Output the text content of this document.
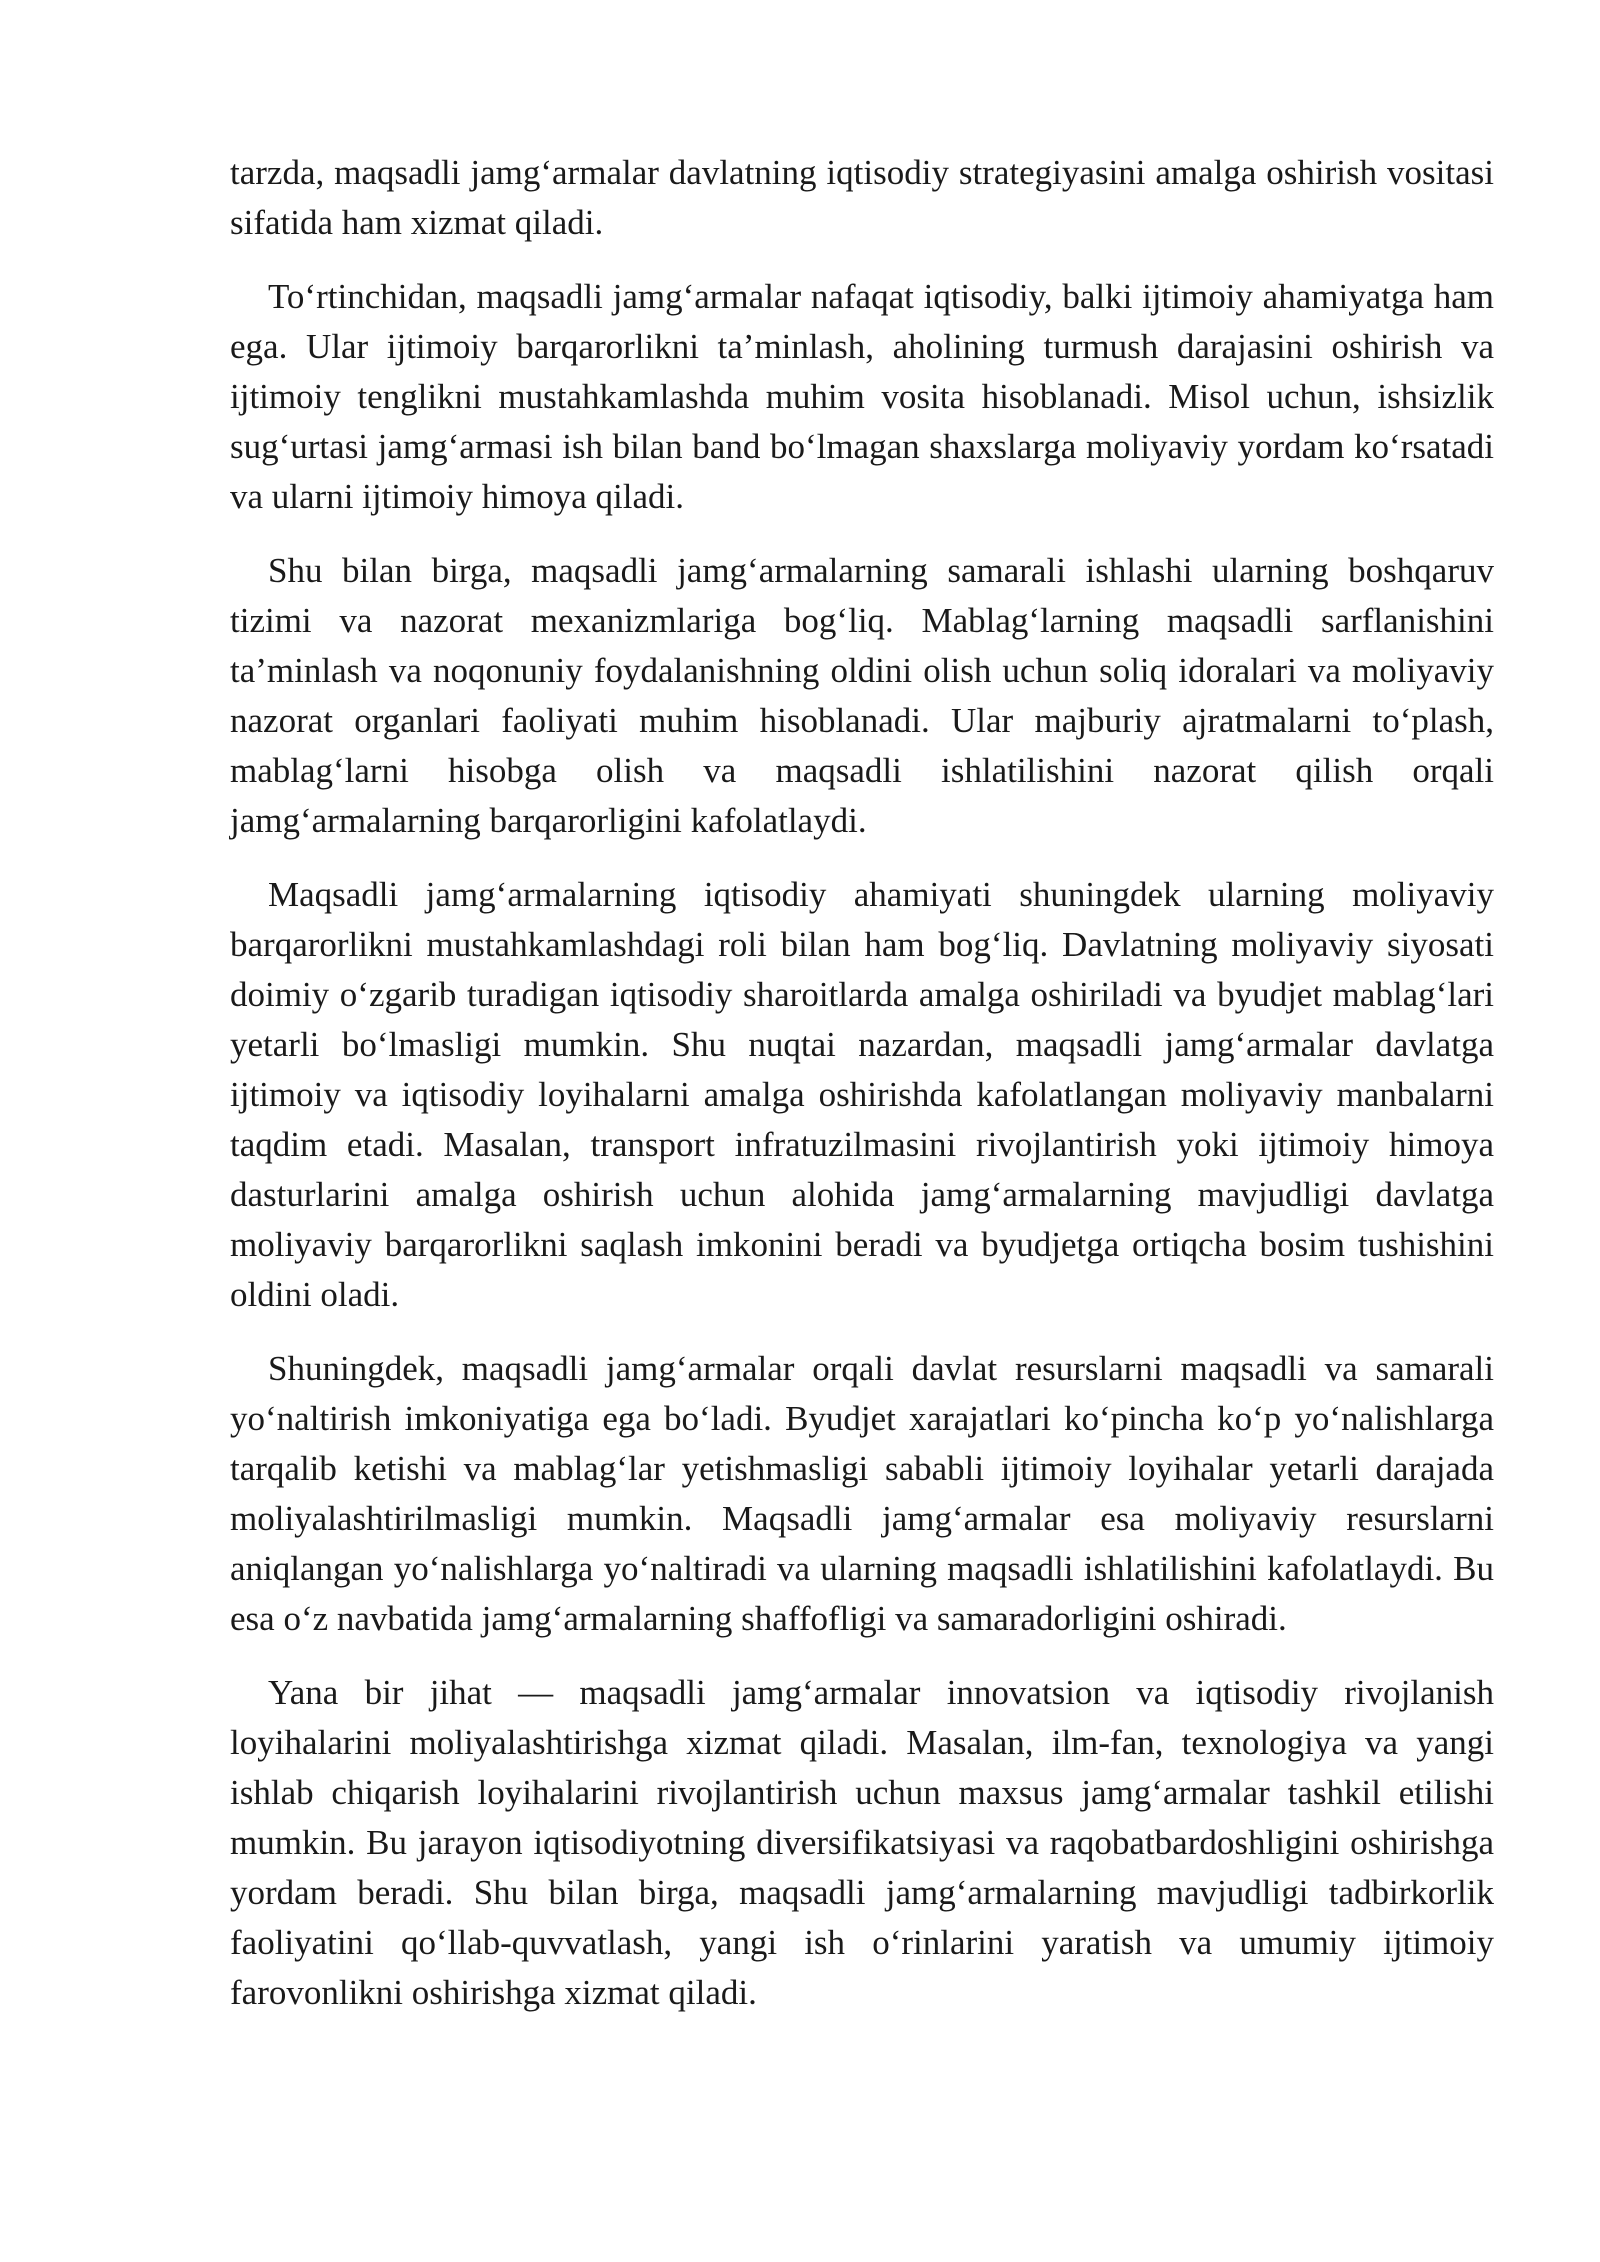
tarzda, maqsadli jamg‘armalar davlatning iqtisodiy strategiyasini amalga oshirish vositasi sifatida ham xizmat qiladi.

To‘rtinchidan, maqsadli jamg‘armalar nafaqat iqtisodiy, balki ijtimoiy ahamiyatga ham ega. Ular ijtimoiy barqarorlikni ta’minlash, aholining turmush darajasini oshirish va ijtimoiy tenglikni mustahkamlashda muhim vosita hisoblanadi. Misol uchun, ishsizlik sug‘urtasi jamg‘armasi ish bilan band bo‘lmagan shaxslarga moliyaviy yordam ko‘rsatadi va ularni ijtimoiy himoya qiladi.

Shu bilan birga, maqsadli jamg‘armalarning samarali ishlashi ularning boshqaruv tizimi va nazorat mexanizmlariga bog‘liq. Mablag‘larning maqsadli sarflanishini ta’minlash va noqonuniy foydalanishning oldini olish uchun soliq idoralari va moliyaviy nazorat organlari faoliyati muhim hisoblanadi. Ular majburiy ajratmalarni to‘plash, mablag‘larni hisobga olish va maqsadli ishlatilishini nazorat qilish orqali jamg‘armalarning barqarorligini kafolatlaydi.

Maqsadli jamg‘armalarning iqtisodiy ahamiyati shuningdek ularning moliyaviy barqarorlikni mustahkamlashdagi roli bilan ham bog‘liq. Davlatning moliyaviy siyosati doimiy o‘zgarib turadigan iqtisodiy sharoitlarda amalga oshiriladi va byudjet mablag‘lari yetarli bo‘lmasligi mumkin. Shu nuqtai nazardan, maqsadli jamg‘armalar davlatga ijtimoiy va iqtisodiy loyihalarni amalga oshirishda kafolatlangan moliyaviy manbalarni taqdim etadi. Masalan, transport infratuzilmasini rivojlantirish yoki ijtimoiy himoya dasturlarini amalga oshirish uchun alohida jamg‘armalarning mavjudligi davlatga moliyaviy barqarorlikni saqlash imkonini beradi va byudjetga ortiqcha bosim tushishini oldini oladi.

Shuningdek, maqsadli jamg‘armalar orqali davlat resurslarni maqsadli va samarali yo‘naltirish imkoniyatiga ega bo‘ladi. Byudjet xarajatlari ko‘pincha ko‘p yo‘nalishlarga tarqalib ketishi va mablag‘lar yetishmasligi sababli ijtimoiy loyihalar yetarli darajada moliyalashtirilmasligi mumkin. Maqsadli jamg‘armalar esa moliyaviy resurslarni aniqlangan yo‘nalishlarga yo‘naltiradi va ularning maqsadli ishlatilishini kafolatlaydi. Bu esa o‘z navbatida jamg‘armalarning shaffofligi va samaradorligini oshiradi.

Yana bir jihat — maqsadli jamg‘armalar innovatsion va iqtisodiy rivojlanish loyihalarini moliyalashtirishga xizmat qiladi. Masalan, ilm-fan, texnologiya va yangi ishlab chiqarish loyihalarini rivojlantirish uchun maxsus jamg‘armalar tashkil etilishi mumkin. Bu jarayon iqtisodiyotning diversifikatsiyasi va raqobatbardoshligini oshirishga yordam beradi. Shu bilan birga, maqsadli jamg‘armalarning mavjudligi tadbirkorlik faoliyatini qo‘llab-quvvatlash, yangi ish o‘rinlarini yaratish va umumiy ijtimoiy farovonlikni oshirishga xizmat qiladi.
